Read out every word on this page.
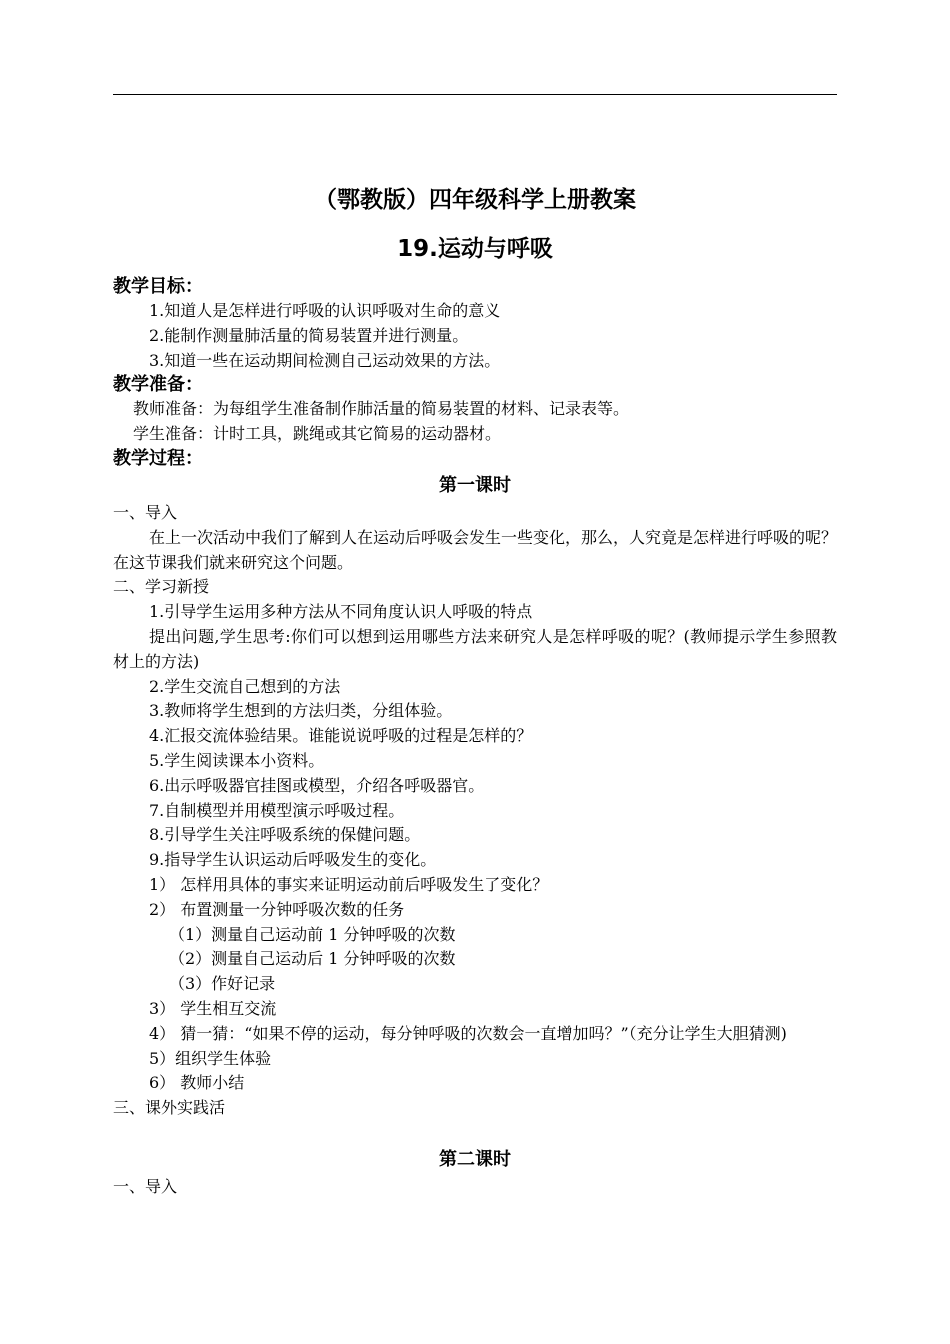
（鄂教版）四年级科学上册教案
19.运动与呼吸
教学目标：
1.知道人是怎样进行呼吸的认识呼吸对生命的意义
2.能制作测量肺活量的简易装置并进行测量。
3.知道一些在运动期间检测自己运动效果的方法。
教学准备：
教师准备：为每组学生准备制作肺活量的简易装置的材料、记录表等。
学生准备：计时工具，跳绳或其它简易的运动器材。
教学过程：
第一课时
一、导入
在上一次活动中我们了解到人在运动后呼吸会发生一些变化，那么，人究竟是怎样进行呼吸的呢？在这节课我们就来研究这个问题。
二、学习新授
1.引导学生运用多种方法从不同角度认识人呼吸的特点
提出问题,学生思考:你们可以想到运用哪些方法来研究人是怎样呼吸的呢？(教师提示学生参照教材上的方法)
2.学生交流自己想到的方法
3.教师将学生想到的方法归类，分组体验。
4.汇报交流体验结果。谁能说说呼吸的过程是怎样的？
5.学生阅读课本小资料。
6.出示呼吸器官挂图或模型，介绍各呼吸器官。
7.自制模型并用模型演示呼吸过程。
8.引导学生关注呼吸系统的保健问题。
9.指导学生认识运动后呼吸发生的变化。
1） 怎样用具体的事实来证明运动前后呼吸发生了变化？
2） 布置测量一分钟呼吸次数的任务
（1）测量自己运动前 1 分钟呼吸的次数
（2）测量自己运动后 1 分钟呼吸的次数
（3）作好记录
3） 学生相互交流
4） 猜一猜：“如果不停的运动，每分钟呼吸的次数会一直增加吗？”（充分让学生大胆猜测)
5）组织学生体验
6） 教师小结
三、课外实践活
第二课时
一、导入
